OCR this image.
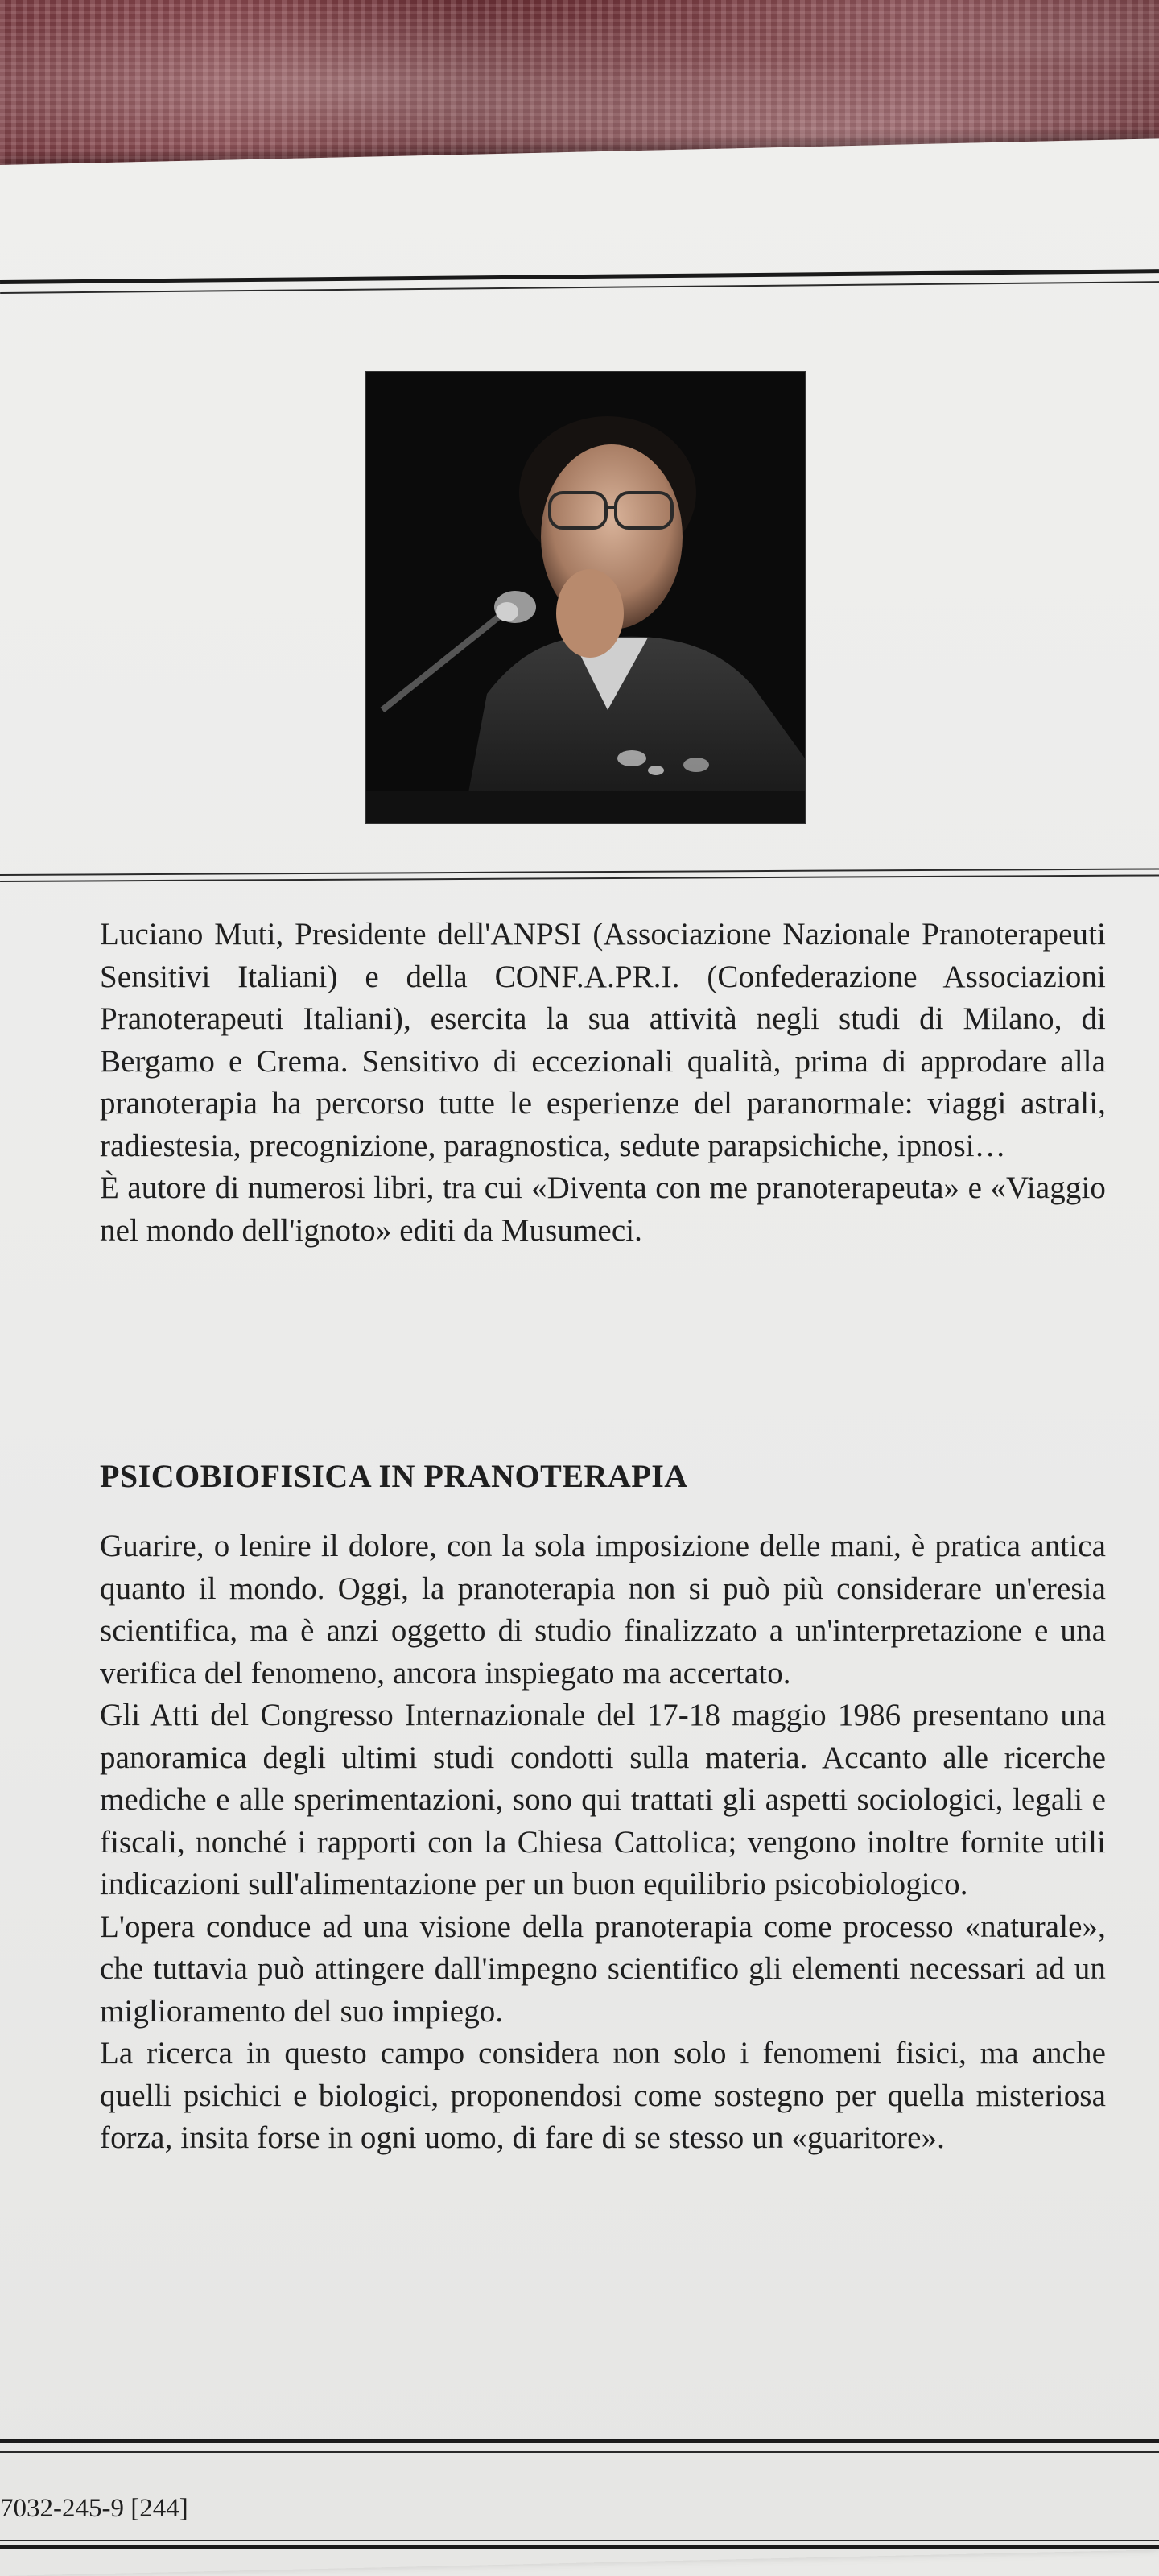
Luciano Muti, Presidente dell'ANPSI (Associazione Nazionale Pranoterapeuti Sensitivi Italiani) e della CONF.A.PR.I. (Confederazione Associazioni Pranoterapeuti Italiani), esercita la sua attività negli studi di Milano, di Bergamo e Crema. Sensitivo di eccezionali qualità, prima di approdare alla pranoterapia ha percorso tutte le esperienze del paranormale: viaggi astrali, radiestesia, precognizione, paragnostica, sedute parapsichiche, ipnosi…

È autore di numerosi libri, tra cui «Diventa con me pranoterapeuta» e «Viaggio nel mondo dell'ignoto» editi da Musumeci.

PSICOBIOFISICA IN PRANOTERAPIA

Guarire, o lenire il dolore, con la sola imposizione delle mani, è pratica antica quanto il mondo. Oggi, la pranoterapia non si può più considerare un'eresia scientifica, ma è anzi oggetto di studio finalizzato a un'interpretazione e una verifica del fenomeno, ancora inspiegato ma accertato.

Gli Atti del Congresso Internazionale del 17-18 maggio 1986 presentano una panoramica degli ultimi studi condotti sulla materia. Accanto alle ricerche mediche e alle sperimentazioni, sono qui trattati gli aspetti sociologici, legali e fiscali, nonché i rapporti con la Chiesa Cattolica; vengono inoltre fornite utili indicazioni sull'alimentazione per un buon equilibrio psicobiologico.

L'opera conduce ad una visione della pranoterapia come processo «naturale», che tuttavia può attingere dall'impegno scientifico gli elementi necessari ad un miglioramento del suo impiego.

La ricerca in questo campo considera non solo i fenomeni fisici, ma anche quelli psichici e biologici, proponendosi come sostegno per quella misteriosa forza, insita forse in ogni uomo, di fare di se stesso un «guaritore».

7032-245-9 [244]
